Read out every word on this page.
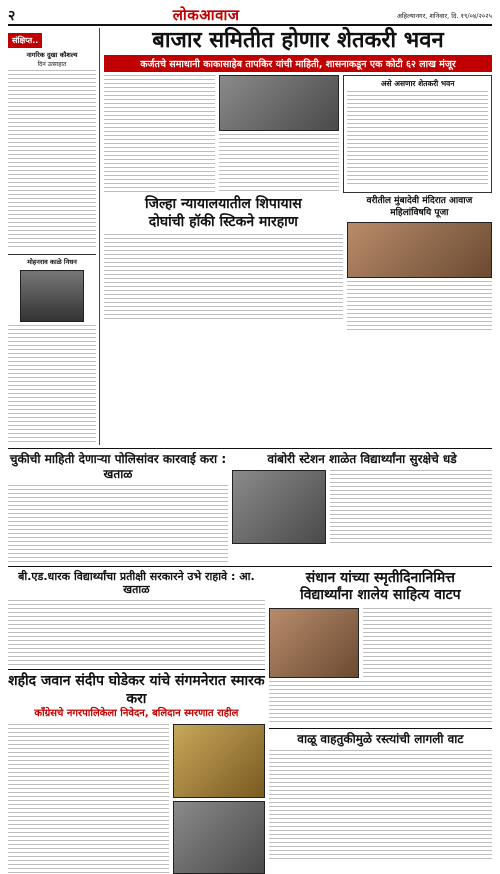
२	लोकआवाज	अहिल्यानगर, शनिवार, दि. १९/०४/२०२५
संक्षिप्त..
नागरिक दुखा कौशल्य
दिन उत्साहात
मोहनराव काळे निधन
बाजार समितीत होणार शेतकरी भवन
कर्जतचे समाधानी काकासाहेब तापकिर यांची माहिती, शासनाकडून एक कोटी ६२ लाख मंजूर
असे असणार शेतकरी भवन
जिल्हा न्यायालयातील शिपायास
दोघांची हॉकी स्टिकने मारहाण
वरीतील मुंबादेवी मंदिरात आवाज महिलांविषयि पूजा
चुकीची माहिती देणाऱ्या पोलिसांवर कारवाई करा : खताळ
वांबोरी स्टेशन शाळेत विद्यार्थ्यांना सुरक्षेचे धडे
बी.एड.धारक विद्यार्थ्यांचा प्रतीक्षी सरकारने उभे राहावे : आ. खताळ
शहीद जवान संदीप घोडेकर यांचे संगमनेरात स्मारक करा
काँग्रेसचे नगरपालिकेला निवेदन, बलिदान स्मरणात राहील
संधान यांच्या स्मृतीदिनानिमित्त
विद्यार्थ्यांना शालेय साहित्य वाटप
वाळू वाहतुकीमुळे रस्त्यांची लागली वाट
